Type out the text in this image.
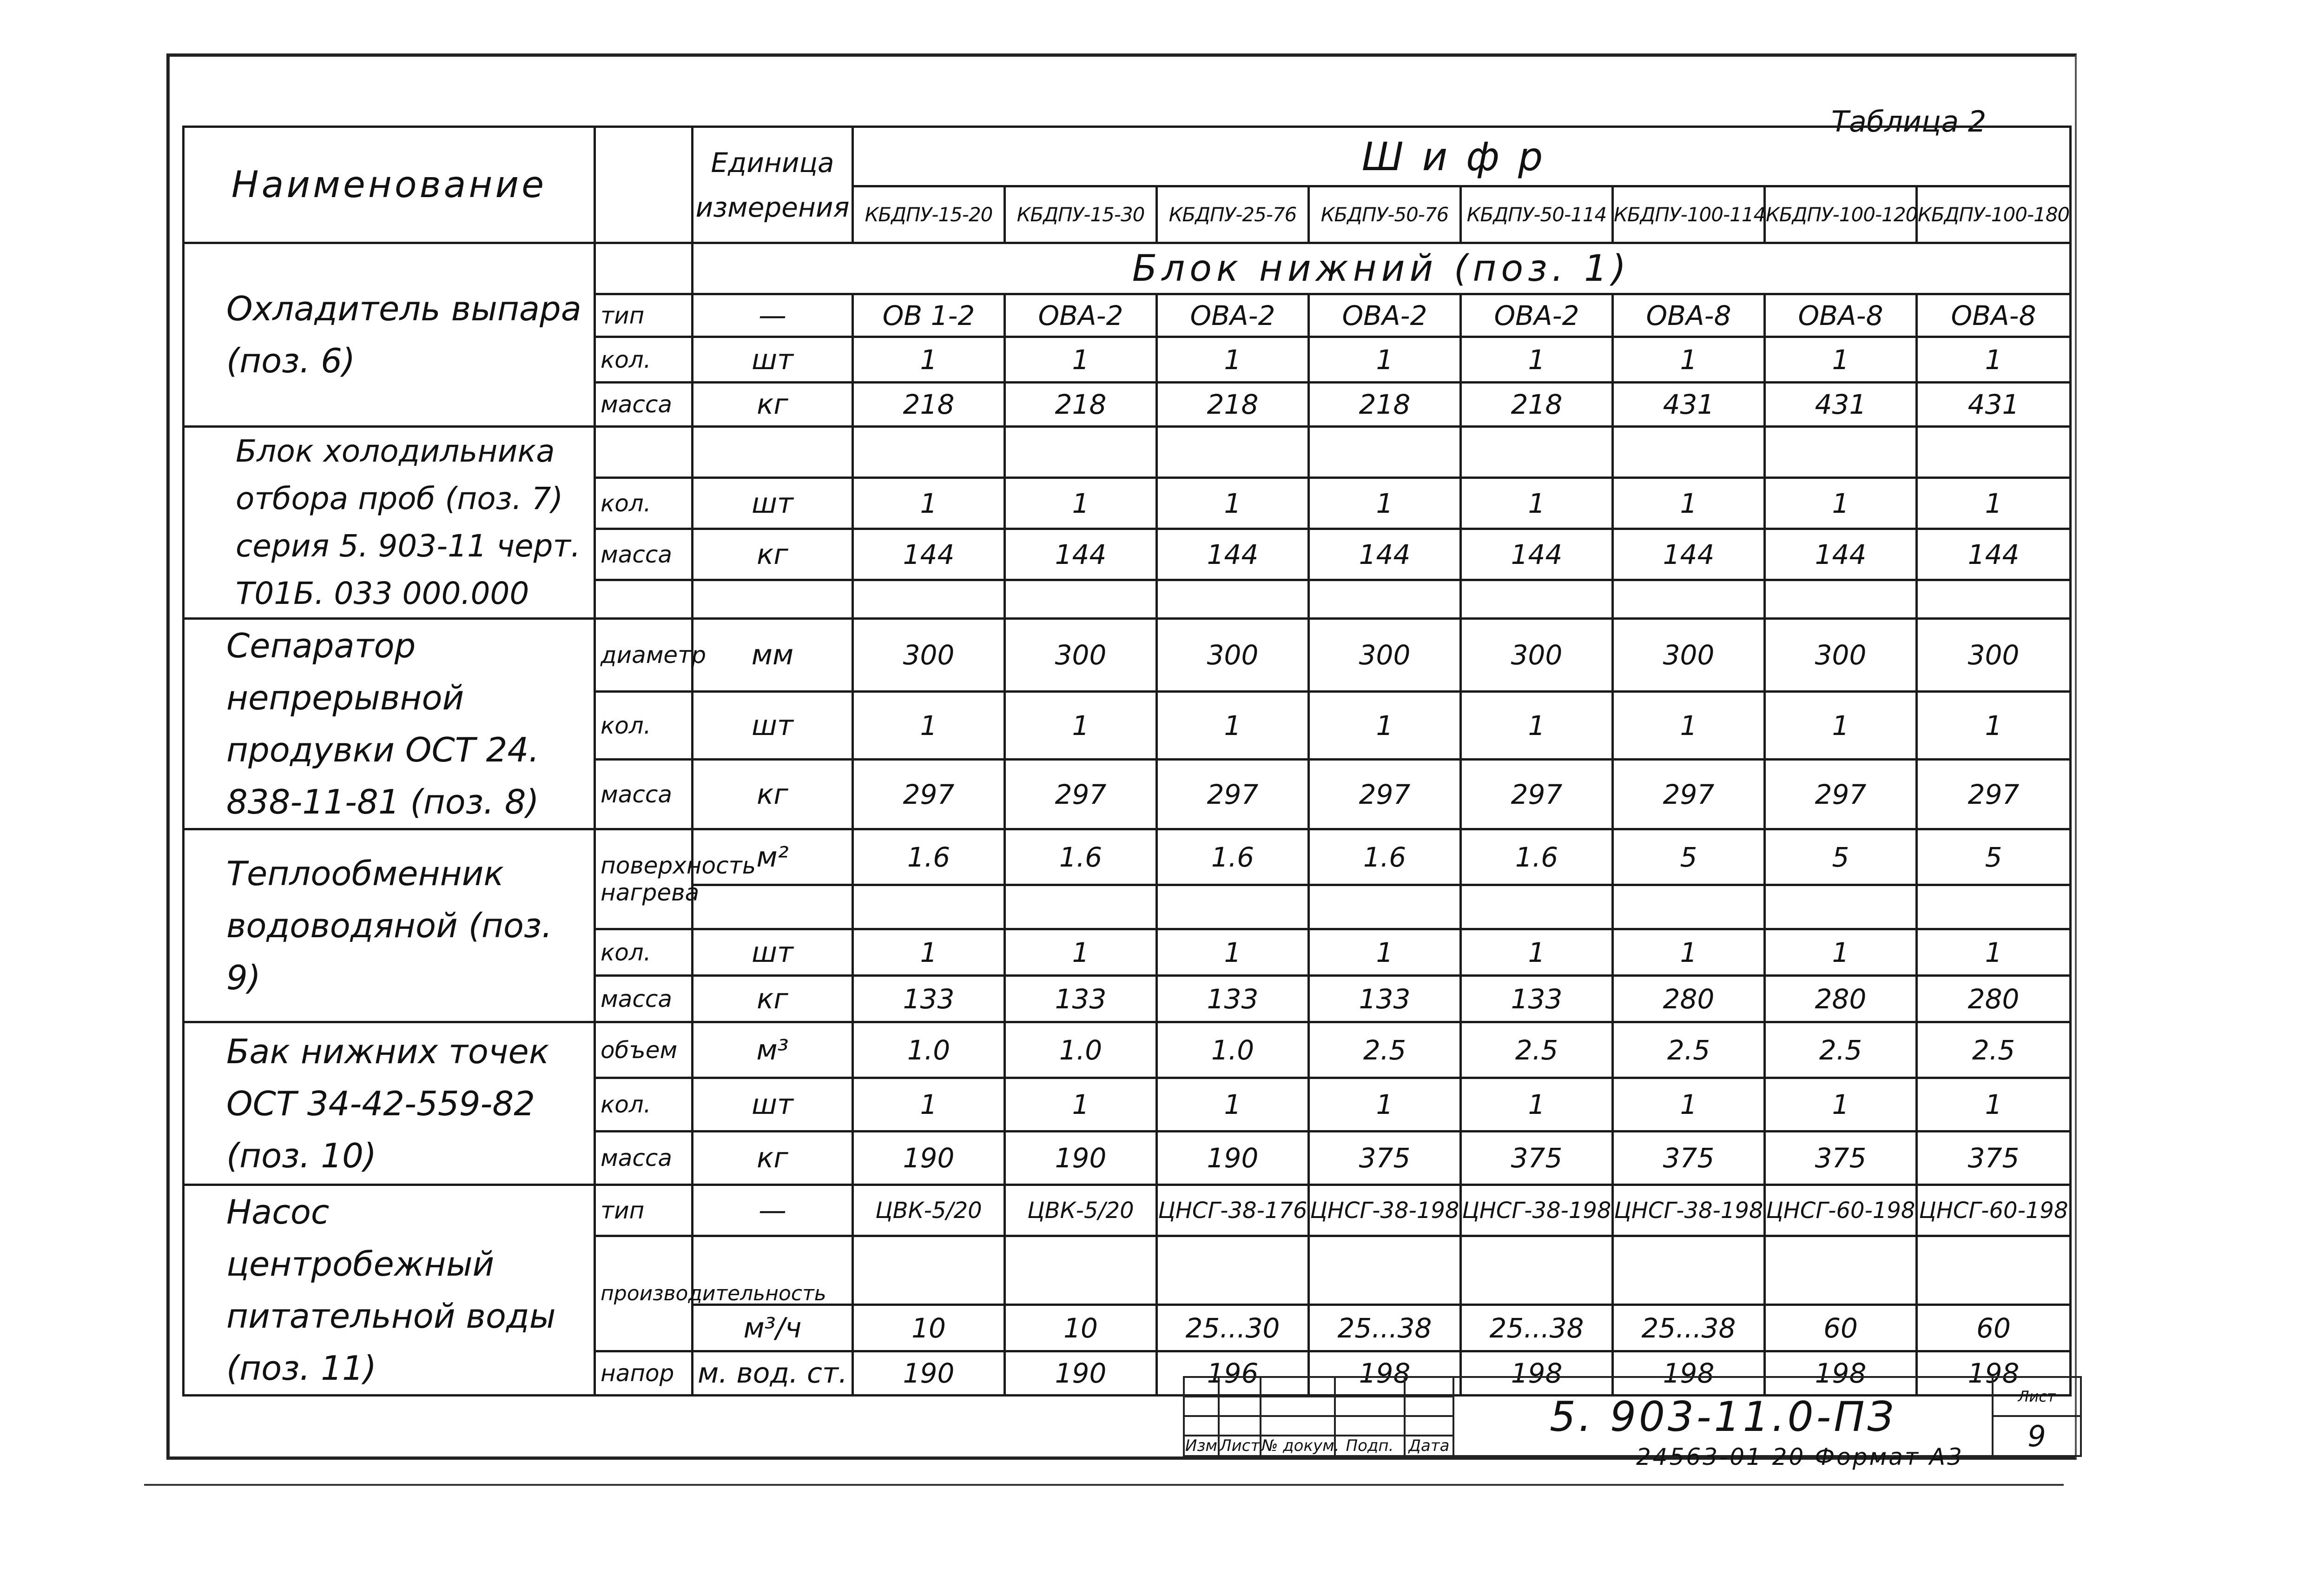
Таблица 2
Наименование		Единица измерения	Шифр							
			КБДПУ-15-20	КБДПУ-15-30	КБДПУ-25-76	КБДПУ-50-76	КБДПУ-50-114	КБДПУ-100-114	КБДПУ-100-120	КБДПУ-100-180
Охладитель выпара (поз. 6)		Блок нижний (поз. 1)								
	тип	—	ОВ 1-2	ОВА-2	ОВА-2	ОВА-2	ОВА-2	ОВА-8	ОВА-8	ОВА-8
	кол.	шт	1	1	1	1	1	1	1	1
	масса	кг	218	218	218	218	218	431	431	431
Блок холодильника отбора проб (поз. 7) серия 5. 903-11 черт. Т01Б. 033 000.000										
	кол.	шт	1	1	1	1	1	1	1	1
	масса	кг	144	144	144	144	144	144	144	144

Сепаратор непрерывной продувки ОСТ 24. 838-11-81 (поз. 8)	диаметр	мм	300	300	300	300	300	300	300	300
	кол.	шт	1	1	1	1	1	1	1	1
	масса	кг	297	297	297	297	297	297	297	297
Теплообменник водоводяной (поз. 9)	поверхность нагрева	м²	1.6	1.6	1.6	1.6	1.6	5	5	5

	кол.	шт	1	1	1	1	1	1	1	1
	масса	кг	133	133	133	133	133	280	280	280
Бак нижних точек ОСТ 34-42-559-82 (поз. 10)	объем	м³	1.0	1.0	1.0	2.5	2.5	2.5	2.5	2.5
	кол.	шт	1	1	1	1	1	1	1	1
	масса	кг	190	190	190	375	375	375	375	375
Насос центробежный питательной воды (поз. 11)	тип	—	ЦВК-5/20	ЦВК-5/20	ЦНСГ-38-176	ЦНСГ-38-198	ЦНСГ-38-198	ЦНСГ-38-198	ЦНСГ-60-198	ЦНСГ-60-198
	производительность									
		м³/ч	10	10	25...30	25...38	25...38	25...38	60	60
	напор	м. вод. ст.	190	190	196	198	198	198	198	198
					5. 903-11.0-ПЗ	Лист

						9
Изм	Лист	№ докум.	Подп.	Дата			24563-01 20 Формат А3
